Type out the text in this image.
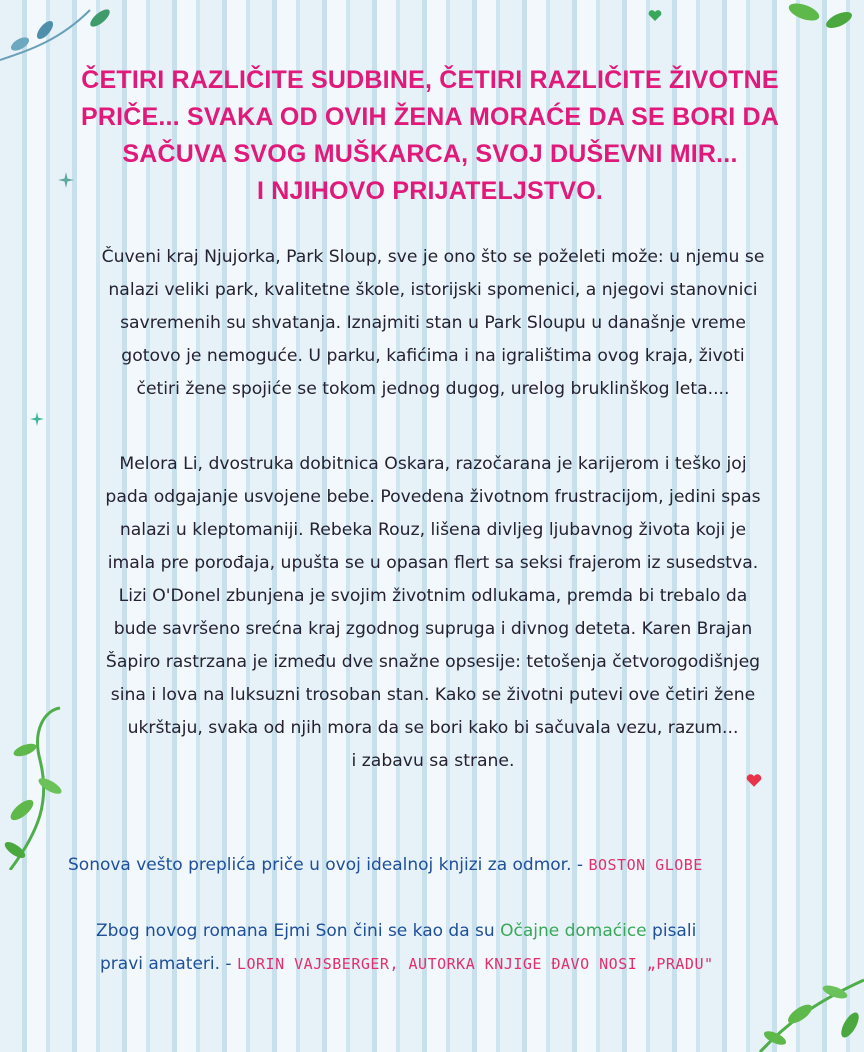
ČETIRI RAZLIČITE SUDBINE, ČETIRI RAZLIČITE ŽIVOTNE
PRIČE... SVAKA OD OVIH ŽENA MORAĆE DA SE BORI DA
SAČUVA SVOG MUŠKARCA, SVOJ DUŠEVNI MIR...
I NJIHOVO PRIJATELJSTVO.
Čuveni kraj Njujorka, Park Sloup, sve je ono što se poželeti može: u njemu se
nalazi veliki park, kvalitetne škole, istorijski spomenici, a njegovi stanovnici
savremenih su shvatanja. Iznajmiti stan u Park Sloupu u današnje vreme
gotovo je nemoguće. U parku, kafićima i na igralištima ovog kraja, životi
četiri žene spojiće se tokom jednog dugog, urelog bruklinškog leta....
Melora Li, dvostruka dobitnica Oskara, razočarana je karijerom i teško joj
pada odgajanje usvojene bebe. Povedena životnom frustracijom, jedini spas
nalazi u kleptomaniji. Rebeka Rouz, lišena divljeg ljubavnog života koji je
imala pre porođaja, upušta se u opasan flert sa seksi frajerom iz susedstva.
Lizi O'Donel zbunjena je svojim životnim odlukama, premda bi trebalo da
bude savršeno srećna kraj zgodnog supruga i divnog deteta. Karen Brajan
Šapiro rastrzana je između dve snažne opsesije: tetošenja četvorogodišnjeg
sina i lova na luksuzni trosoban stan. Kako se životni putevi ove četiri žene
ukrštaju, svaka od njih mora da se bori kako bi sačuvala vezu, razum...
i zabavu sa strane.
Sonova vešto preplića priče u ovoj idealnoj knjizi za odmor. - BOSTON GLOBE
Zbog novog romana Ejmi Son čini se kao da su Očajne domaćice pisali
pravi amateri. - LORIN VAJSBERGER, AUTORKA KNJIGE ĐAVO NOSI „PRADU"
